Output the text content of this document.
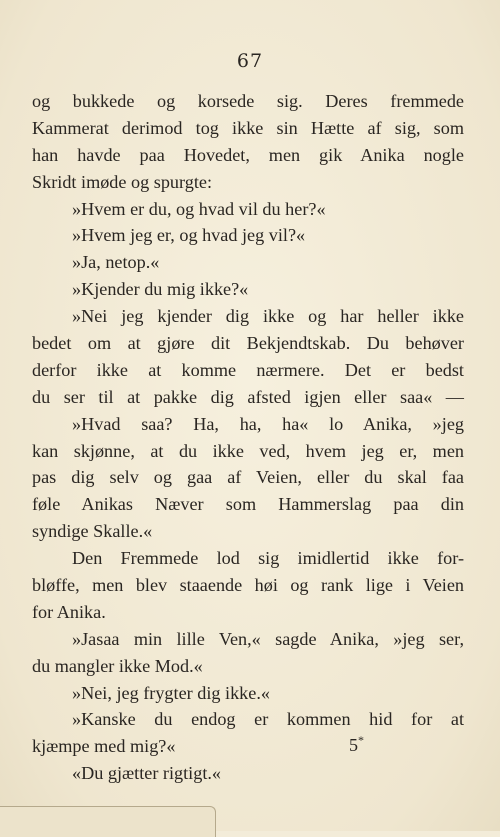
67
og bukkede og korsede sig. Deres fremmede
Kammerat derimod tog ikke sin Hætte af sig, som
han havde paa Hovedet, men gik Anika nogle
Skridt imøde og spurgte:
»Hvem er du, og hvad vil du her?«
»Hvem jeg er, og hvad jeg vil?«
»Ja, netop.«
»Kjender du mig ikke?«
»Nei jeg kjender dig ikke og har heller ikke
bedet om at gjøre dit Bekjendtskab. Du behøver
derfor ikke at komme nærmere. Det er bedst
du ser til at pakke dig afsted igjen eller saa« —
»Hvad saa? Ha, ha, ha« lo Anika, »jeg
kan skjønne, at du ikke ved, hvem jeg er, men
pas dig selv og gaa af Veien, eller du skal faa
føle Anikas Næver som Hammerslag paa din
syndige Skalle.«
Den Fremmede lod sig imidlertid ikke for-
bløffe, men blev staaende høi og rank lige i Veien
for Anika.
»Jasaa min lille Ven,« sagde Anika, »jeg ser,
du mangler ikke Mod.«
»Nei, jeg frygter dig ikke.«
»Kanske du endog er kommen hid for at
kjæmpe med mig?«
«Du gjætter rigtigt.«
5*
